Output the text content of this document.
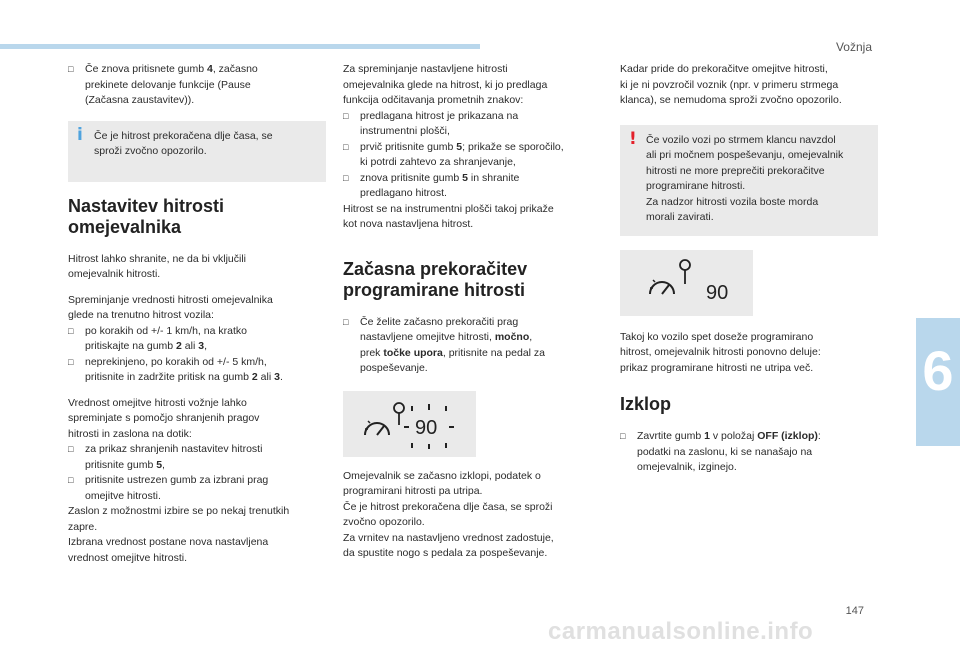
Vožnja
6
147
carmanualsonline.info
□ Če znova pritisnete gumb 4, začasno
prekinete delovanje funkcije (Pause
(Začasna zaustavitev)).
i Če je hitrost prekoračena dlje časa, se
sproži zvočno opozorilo.
Nastavitev hitrosti
omejevalnika

Hitrost lahko shranite, ne da bi vključili
omejevalnik hitrosti.

Spreminjanje vrednosti hitrosti omejevalnika
glede na trenutno hitrost vozila:
□ po korakih od +/- 1 km/h, na kratko
pritiskajte na gumb 2 ali 3,
□ neprekinjeno, po korakih od +/- 5 km/h,
pritisnite in zadržite pritisk na gumb 2 ali 3.

Vrednost omejitve hitrosti vožnje lahko
spreminjate s pomočjo shranjenih pragov
hitrosti in zaslona na dotik:
□ za prikaz shranjenih nastavitev hitrosti
pritisnite gumb 5,
□ pritisnite ustrezen gumb za izbrani prag
omejitve hitrosti.
Zaslon z možnostmi izbire se po nekaj trenutkih
zapre.
Izbrana vrednost postane nova nastavljena
vrednost omejitve hitrosti.

Za spreminjanje nastavljene hitrosti
omejevalnika glede na hitrost, ki jo predlaga
funkcija odčitavanja prometnih znakov:
□ predlagana hitrost je prikazana na
instrumentni plošči,
□ prvič pritisnite gumb 5; prikaže se sporočilo,
ki potrdi zahtevo za shranjevanje,
□ znova pritisnite gumb 5 in shranite
predlagano hitrost.
Hitrost se na instrumentni plošči takoj prikaže
kot nova nastavljena hitrost.

Začasna prekoračitev
programirane hitrosti
□ Če želite začasno prekoračiti prag
nastavljene omejitve hitrosti, močno,
prek točke upora, pritisnite na pedal za
pospeševanje.
90

Omejevalnik se začasno izklopi, podatek o
programirani hitrosti pa utripa.
Če je hitrost prekoračena dlje časa, se sproži
zvočno opozorilo.
Za vrnitev na nastavljeno vrednost zadostuje,
da spustite nogo s pedala za pospeševanje.

Kadar pride do prekoračitve omejitve hitrosti,
ki je ni povzročil voznik (npr. v primeru strmega
klanca), se nemudoma sproži zvočno opozorilo.

! Če vozilo vozi po strmem klancu navzdol
ali pri močnem pospeševanju, omejevalnik
hitrosti ne more preprečiti prekoračitve
programirane hitrosti.
Za nadzor hitrosti vozila boste morda
morali zavirati.
90

Takoj ko vozilo spet doseže programirano
hitrost, omejevalnik hitrosti ponovno deluje:
prikaz programirane hitrosti ne utripa več.

Izklop
□ Zavrtite gumb 1 v položaj OFF (izklop):
podatki na zaslonu, ki se nanašajo na
omejevalnik, izginejo.
